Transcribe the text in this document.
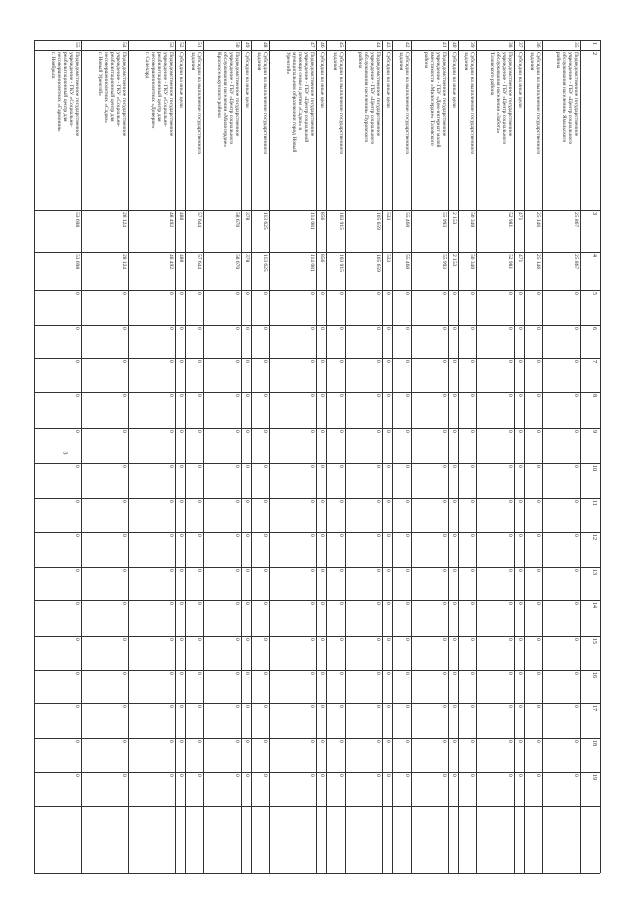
3
1
2
3
4
5
6
7
8
9
10
11
12
13
14
15
16
17
18
19
35
Подведомственное государственное
учреждение - ГБУ «Центр социального
обслуживания населения» Ямальского
района
25 867
25 867
0
0
0
0
0
0
0
0
0
0
0
0
0
0
0
36
Субсидии на выполнение государственного
задания
25 146
25 146
0
0
0
0
0
0
0
0
0
0
0
0
0
0
0
37
Субсидии на иные цели
471
471
0
0
0
0
0
0
0
0
0
0
0
0
0
0
0
38
Подведомственное государственное
учреждение - ГБУ «Центр социального
обслуживания населения «Забота»
Тазовского района
52 981
52 981
0
0
0
0
0
0
0
0
0
0
0
0
0
0
0
39
Субсидии на выполнение государственного
задания
50 340
50 340
0
0
0
0
0
0
0
0
0
0
0
0
0
0
0
40
Субсидии на иные цели
2 153
2 153
0
0
0
0
0
0
0
0
0
0
0
0
0
0
0
41
Подведомственное государственное
учреждение - ГБУ «Дом-интернат малой
вместимости «Милосердие» Тазовского
района
55 993
55 993
0
0
0
0
0
0
0
0
0
0
0
0
0
0
0
42
Субсидии на выполнение государственного
задания
55 460
55 460
0
0
0
0
0
0
0
0
0
0
0
0
0
0
0
43
Субсидии на иные цели
533
533
0
0
0
0
0
0
0
0
0
0
0
0
0
0
0
44
Подведомственное государственное
учреждение - ГБУ «Центр социального
обслуживания населения» Пуровского
района
105 659
105 659
0
0
0
0
0
0
0
0
0
0
0
0
0
0
0
45
Субсидии на выполнение государственного
задания
103 915
103 915
0
0
0
0
0
0
0
0
0
0
0
0
0
0
0
46
Субсидии на иные цели
856
856
0
0
0
0
0
0
0
0
0
0
0
0
0
0
0
47
Подведомственное государственное
учреждение - ГБУ «Центр социальной
помощи семье и детям «Садко» в
муниципальном образовании город Новый
Уренгой»
114 081
114 081
0
0
0
0
0
0
0
0
0
0
0
0
0
0
0
48
Субсидии на выполнение государственного
задания
113 625
113 625
0
0
0
0
0
0
0
0
0
0
0
0
0
0
0
49
Субсидии на иные цели
378
378
0
0
0
0
0
0
0
0
0
0
0
0
0
0
0
50
Подведомственное государственное
учреждение - ГБУ «Центр социального
обслуживания населения «Милосердие»
Красноселькупского района
58 670
58 670
0
0
0
0
0
0
0
0
0
0
0
0
0
0
0
51
Субсидии на выполнение государственного
задания
57 644
57 644
0
0
0
0
0
0
0
0
0
0
0
0
0
0
0
52
Субсидии на иные цели
480
480
0
0
0
0
0
0
0
0
0
0
0
0
0
0
0
53
Подведомственное государственное
учреждение - ГКУ «Социально-
реабилитационный центр для
несовершеннолетних «Доверие»
г. Салехард
48 492
48 492
0
0
0
0
0
0
0
0
0
0
0
0
0
0
0
54
Подведомственное государственное
учреждение - ГКУ «Социально-
реабилитационный центр для
несовершеннолетних «Садко»
г. Новый Уренгой»
28 124
28 124
0
0
0
0
0
0
0
0
0
0
0
0
0
0
0
55
Подведомственное государственное
учреждение - ГКУ «Социально-
реабилитационный центр для
несовершеннолетних «Гармония»
г. Ноябрьск
53 698
53 698
0
0
0
0
0
0
0
0
0
0
0
0
0
0
0
